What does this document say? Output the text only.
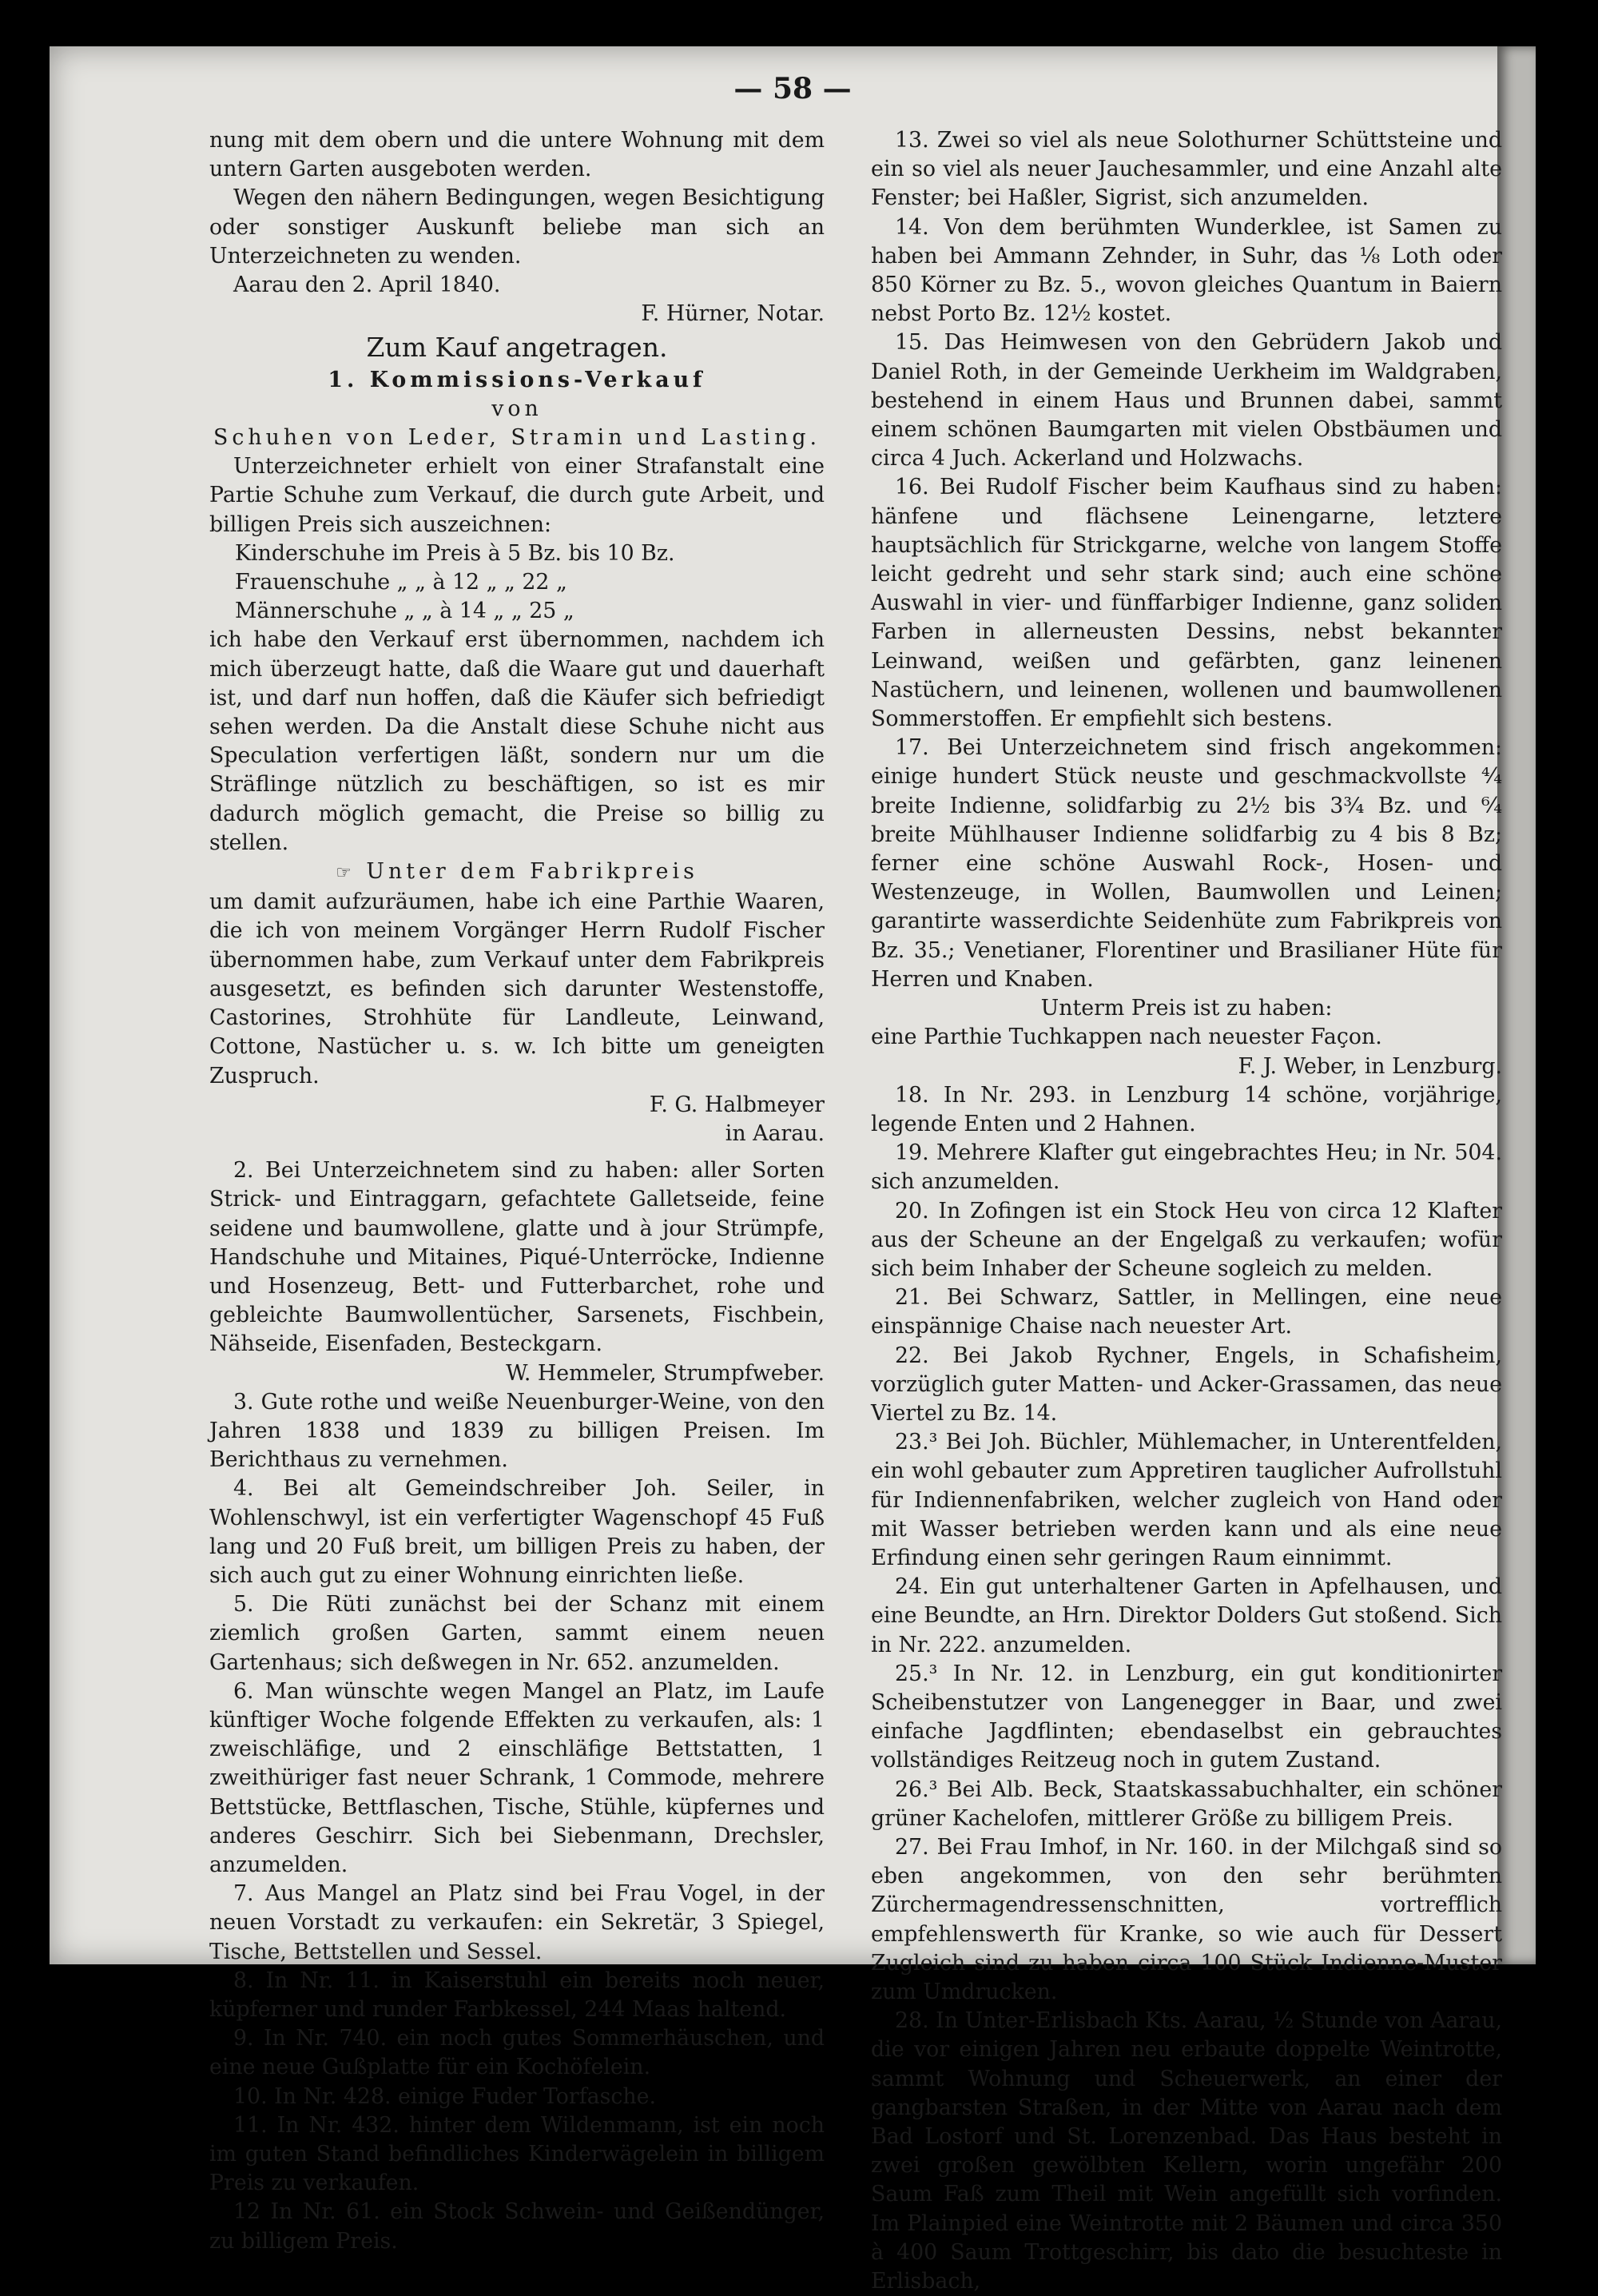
— 58 —

nung mit dem obern und die untere Wohnung mit dem untern Garten ausgeboten werden.

Wegen den nähern Bedingungen, wegen Besichtigung oder sonstiger Auskunft beliebe man sich an Unterzeichneten zu wenden.

Aarau den 2. April 1840.

F. Hürner, Notar.

Zum Kauf angetragen.

1. Kommissions-Verkauf

von

Schuhen von Leder, Stramin und Lasting.

Unterzeichneter erhielt von einer Strafanstalt eine Partie Schuhe zum Verkauf, die durch gute Arbeit, und billigen Preis sich auszeichnen:

Kinderschuhe im Preis à 5 Bz. bis 10 Bz.

Frauenschuhe „ „ à 12 „ „ 22 „

Männerschuhe „ „ à 14 „ „ 25 „

ich habe den Verkauf erst übernommen, nachdem ich mich überzeugt hatte, daß die Waare gut und dauerhaft ist, und darf nun hoffen, daß die Käufer sich befriedigt sehen werden. Da die Anstalt diese Schuhe nicht aus Speculation verfertigen läßt, sondern nur um die Sträflinge nützlich zu beschäftigen, so ist es mir dadurch möglich gemacht, die Preise so billig zu stellen.

☞ Unter dem Fabrikpreis

um damit aufzuräumen, habe ich eine Parthie Waaren, die ich von meinem Vorgänger Herrn Rudolf Fischer übernommen habe, zum Verkauf unter dem Fabrikpreis ausgesetzt, es befinden sich darunter Westenstoffe, Castorines, Strohhüte für Landleute, Leinwand, Cottone, Nastücher u. s. w. Ich bitte um geneigten Zuspruch.

F. G. Halbmeyer

in Aarau.

2. Bei Unterzeichnetem sind zu haben: aller Sorten Strick- und Eintraggarn, gefachtete Galletseide, feine seidene und baumwollene, glatte und à jour Strümpfe, Handschuhe und Mitaines, Piqué-Unterröcke, Indienne und Hosenzeug, Bett- und Futterbarchet, rohe und gebleichte Baumwollentücher, Sarsenets, Fischbein, Nähseide, Eisenfaden, Besteckgarn.

W. Hemmeler, Strumpfweber.

3. Gute rothe und weiße Neuenburger-Weine, von den Jahren 1838 und 1839 zu billigen Preisen. Im Berichthaus zu vernehmen.

4. Bei alt Gemeindschreiber Joh. Seiler, in Wohlenschwyl, ist ein verfertigter Wagenschopf 45 Fuß lang und 20 Fuß breit, um billigen Preis zu haben, der sich auch gut zu einer Wohnung einrichten ließe.

5. Die Rüti zunächst bei der Schanz mit einem ziemlich großen Garten, sammt einem neuen Gartenhaus; sich deßwegen in Nr. 652. anzumelden.

6. Man wünschte wegen Mangel an Platz, im Laufe künftiger Woche folgende Effekten zu verkaufen, als: 1 zweischläfige, und 2 einschläfige Bettstatten, 1 zweithüriger fast neuer Schrank, 1 Commode, mehrere Bettstücke, Bettflaschen, Tische, Stühle, küpfernes und anderes Geschirr. Sich bei Siebenmann, Drechsler, anzumelden.

7. Aus Mangel an Platz sind bei Frau Vogel, in der neuen Vorstadt zu verkaufen: ein Sekretär, 3 Spiegel, Tische, Bettstellen und Sessel.

8. In Nr. 11. in Kaiserstuhl ein bereits noch neuer, küpferner und runder Farbkessel, 244 Maas haltend.

9. In Nr. 740. ein noch gutes Sommerhäuschen, und eine neue Gußplatte für ein Kochöfelein.

10. In Nr. 428. einige Fuder Torfasche.

11. In Nr. 432. hinter dem Wildenmann, ist ein noch im guten Stand befindliches Kinderwägelein in billigem Preis zu verkaufen.

12 In Nr. 61. ein Stock Schwein- und Geißendünger, zu billigem Preis.

13. Zwei so viel als neue Solothurner Schüttsteine und ein so viel als neuer Jauchesammler, und eine Anzahl alte Fenster; bei Haßler, Sigrist, sich anzumelden.

14. Von dem berühmten Wunderklee, ist Samen zu haben bei Ammann Zehnder, in Suhr, das ⅛ Loth oder 850 Körner zu Bz. 5., wovon gleiches Quantum in Baiern nebst Porto Bz. 12½ kostet.

15. Das Heimwesen von den Gebrüdern Jakob und Daniel Roth, in der Gemeinde Uerkheim im Waldgraben, bestehend in einem Haus und Brunnen dabei, sammt einem schönen Baumgarten mit vielen Obstbäumen und circa 4 Juch. Ackerland und Holzwachs.

16. Bei Rudolf Fischer beim Kaufhaus sind zu haben: hänfene und flächsene Leinengarne, letztere hauptsächlich für Strickgarne, welche von langem Stoffe leicht gedreht und sehr stark sind; auch eine schöne Auswahl in vier- und fünffarbiger Indienne, ganz soliden Farben in allerneusten Dessins, nebst bekannter Leinwand, weißen und gefärbten, ganz leinenen Nastüchern, und leinenen, wollenen und baumwollenen Sommerstoffen. Er empfiehlt sich bestens.

17. Bei Unterzeichnetem sind frisch angekommen: einige hundert Stück neuste und geschmackvollste ⁴⁄₄ breite Indienne, solidfarbig zu 2½ bis 3¾ Bz. und ⁶⁄₄ breite Mühlhauser Indienne solidfarbig zu 4 bis 8 Bz; ferner eine schöne Auswahl Rock-, Hosen- und Westenzeuge, in Wollen, Baumwollen und Leinen; garantirte wasserdichte Seidenhüte zum Fabrikpreis von Bz. 35.; Venetianer, Florentiner und Brasilianer Hüte für Herren und Knaben.

Unterm Preis ist zu haben:

eine Parthie Tuchkappen nach neuester Façon.

F. J. Weber, in Lenzburg.

18. In Nr. 293. in Lenzburg 14 schöne, vorjährige, legende Enten und 2 Hahnen.

19. Mehrere Klafter gut eingebrachtes Heu; in Nr. 504. sich anzumelden.

20. In Zofingen ist ein Stock Heu von circa 12 Klafter aus der Scheune an der Engelgaß zu verkaufen; wofür sich beim Inhaber der Scheune sogleich zu melden.

21. Bei Schwarz, Sattler, in Mellingen, eine neue einspännige Chaise nach neuester Art.

22. Bei Jakob Rychner, Engels, in Schafisheim, vorzüglich guter Matten- und Acker-Grassamen, das neue Viertel zu Bz. 14.

23.³ Bei Joh. Büchler, Mühlemacher, in Unterentfelden, ein wohl gebauter zum Appretiren tauglicher Aufrollstuhl für Indiennenfabriken, welcher zugleich von Hand oder mit Wasser betrieben werden kann und als eine neue Erfindung einen sehr geringen Raum einnimmt.

24. Ein gut unterhaltener Garten in Apfelhausen, und eine Beundte, an Hrn. Direktor Dolders Gut stoßend. Sich in Nr. 222. anzumelden.

25.³ In Nr. 12. in Lenzburg, ein gut konditionirter Scheibenstutzer von Langenegger in Baar, und zwei einfache Jagdflinten; ebendaselbst ein gebrauchtes vollständiges Reitzeug noch in gutem Zustand.

26.³ Bei Alb. Beck, Staatskassabuchhalter, ein schöner grüner Kachelofen, mittlerer Größe zu billigem Preis.

27. Bei Frau Imhof, in Nr. 160. in der Milchgaß sind so eben angekommen, von den sehr berühmten Zürchermagendressenschnitten, vortrefflich empfehlenswerth für Kranke, so wie auch für Dessert Zugleich sind zu haben circa 100 Stück Indienne-Muster zum Umdrucken.

28. In Unter-Erlisbach Kts. Aarau, ½ Stunde von Aarau, die vor einigen Jahren neu erbaute doppelte Weintrotte, sammt Wohnung und Scheuerwerk, an einer der gangbarsten Straßen, in der Mitte von Aarau nach dem Bad Lostorf und St. Lorenzenbad. Das Haus besteht in zwei großen gewölbten Kellern, worin ungefähr 200 Saum Faß zum Theil mit Wein angefüllt sich vorfinden. Im Plainpied eine Weintrotte mit 2 Bäumen und circa 350 à 400 Saum Trottgeschirr, bis dato die besuchteste in Erlisbach,
